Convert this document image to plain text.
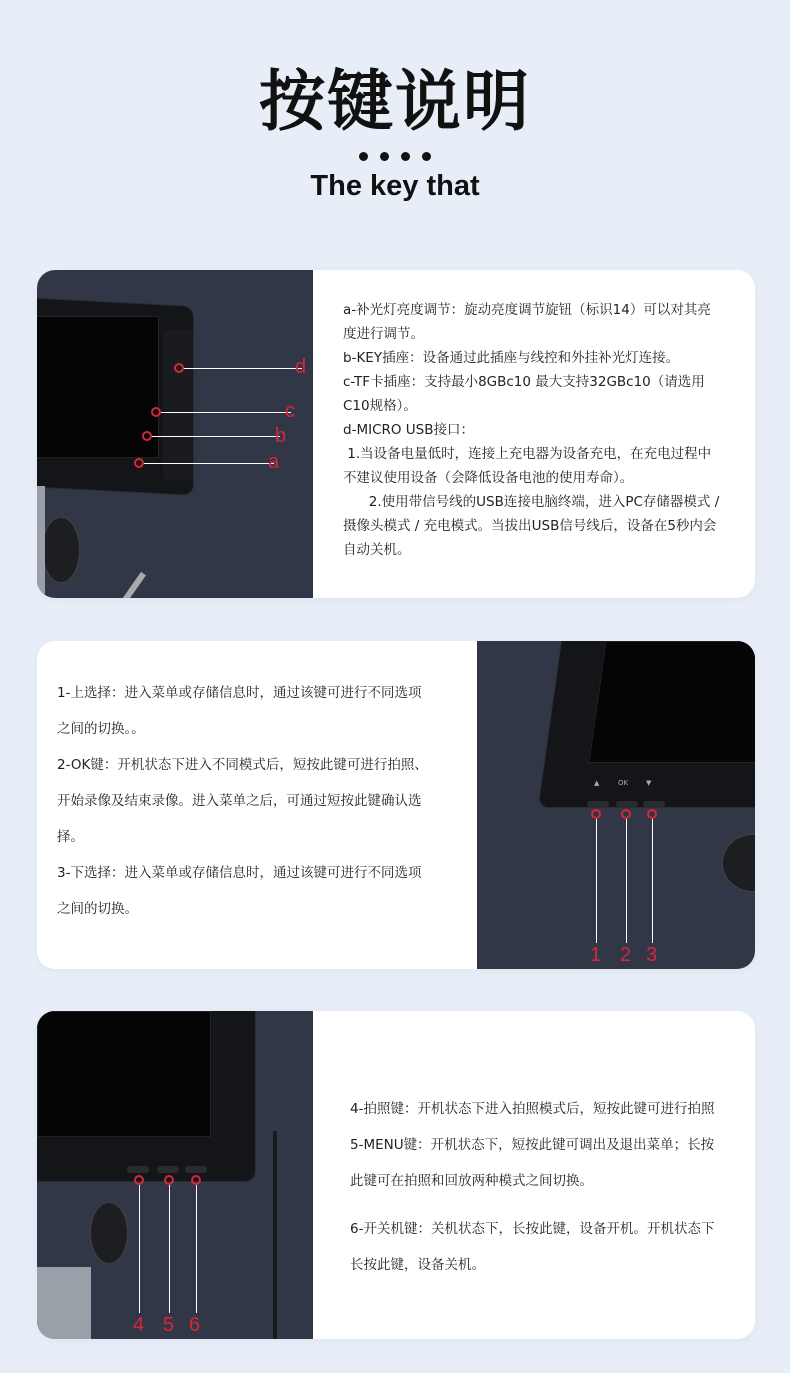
按键说明
The key that
d
c
b
a

a-补光灯亮度调节：旋动亮度调节旋钮（标识14）可以对其亮

度进行调节。

b-KEY插座：设备通过此插座与线控和外挂补光灯连接。

c-TF卡插座：支持最小8GBc10 最大支持32GBc10（请选用

C10规格）。

d-MICRO USB接口：

1.当设备电量低时，连接上充电器为设备充电，在充电过程中

不建议使用设备（会降低设备电池的使用寿命）。

2.使用带信号线的USB连接电脑终端，进入PC存储器模式 /

摄像头模式 / 充电模式。当拔出USB信号线后，设备在5秒内会

自动关机。

1-上选择：进入菜单或存储信息时，通过该键可进行不同选项

之间的切换。。

2-OK键：开机状态下进入不同模式后，短按此键可进行拍照、

开始录像及结束录像。进入菜单之后，可通过短按此键确认选

择。

3-下选择：进入菜单或存储信息时，通过该键可进行不同选项

之间的切换。

▲	OK	▼
1 2 3
4 5 6

4-拍照键：开机状态下进入拍照模式后，短按此键可进行拍照

5-MENU键：开机状态下，短按此键可调出及退出菜单；长按

此键可在拍照和回放两种模式之间切换。

6-开关机键：关机状态下，长按此键，设备开机。开机状态下

长按此键，设备关机。
